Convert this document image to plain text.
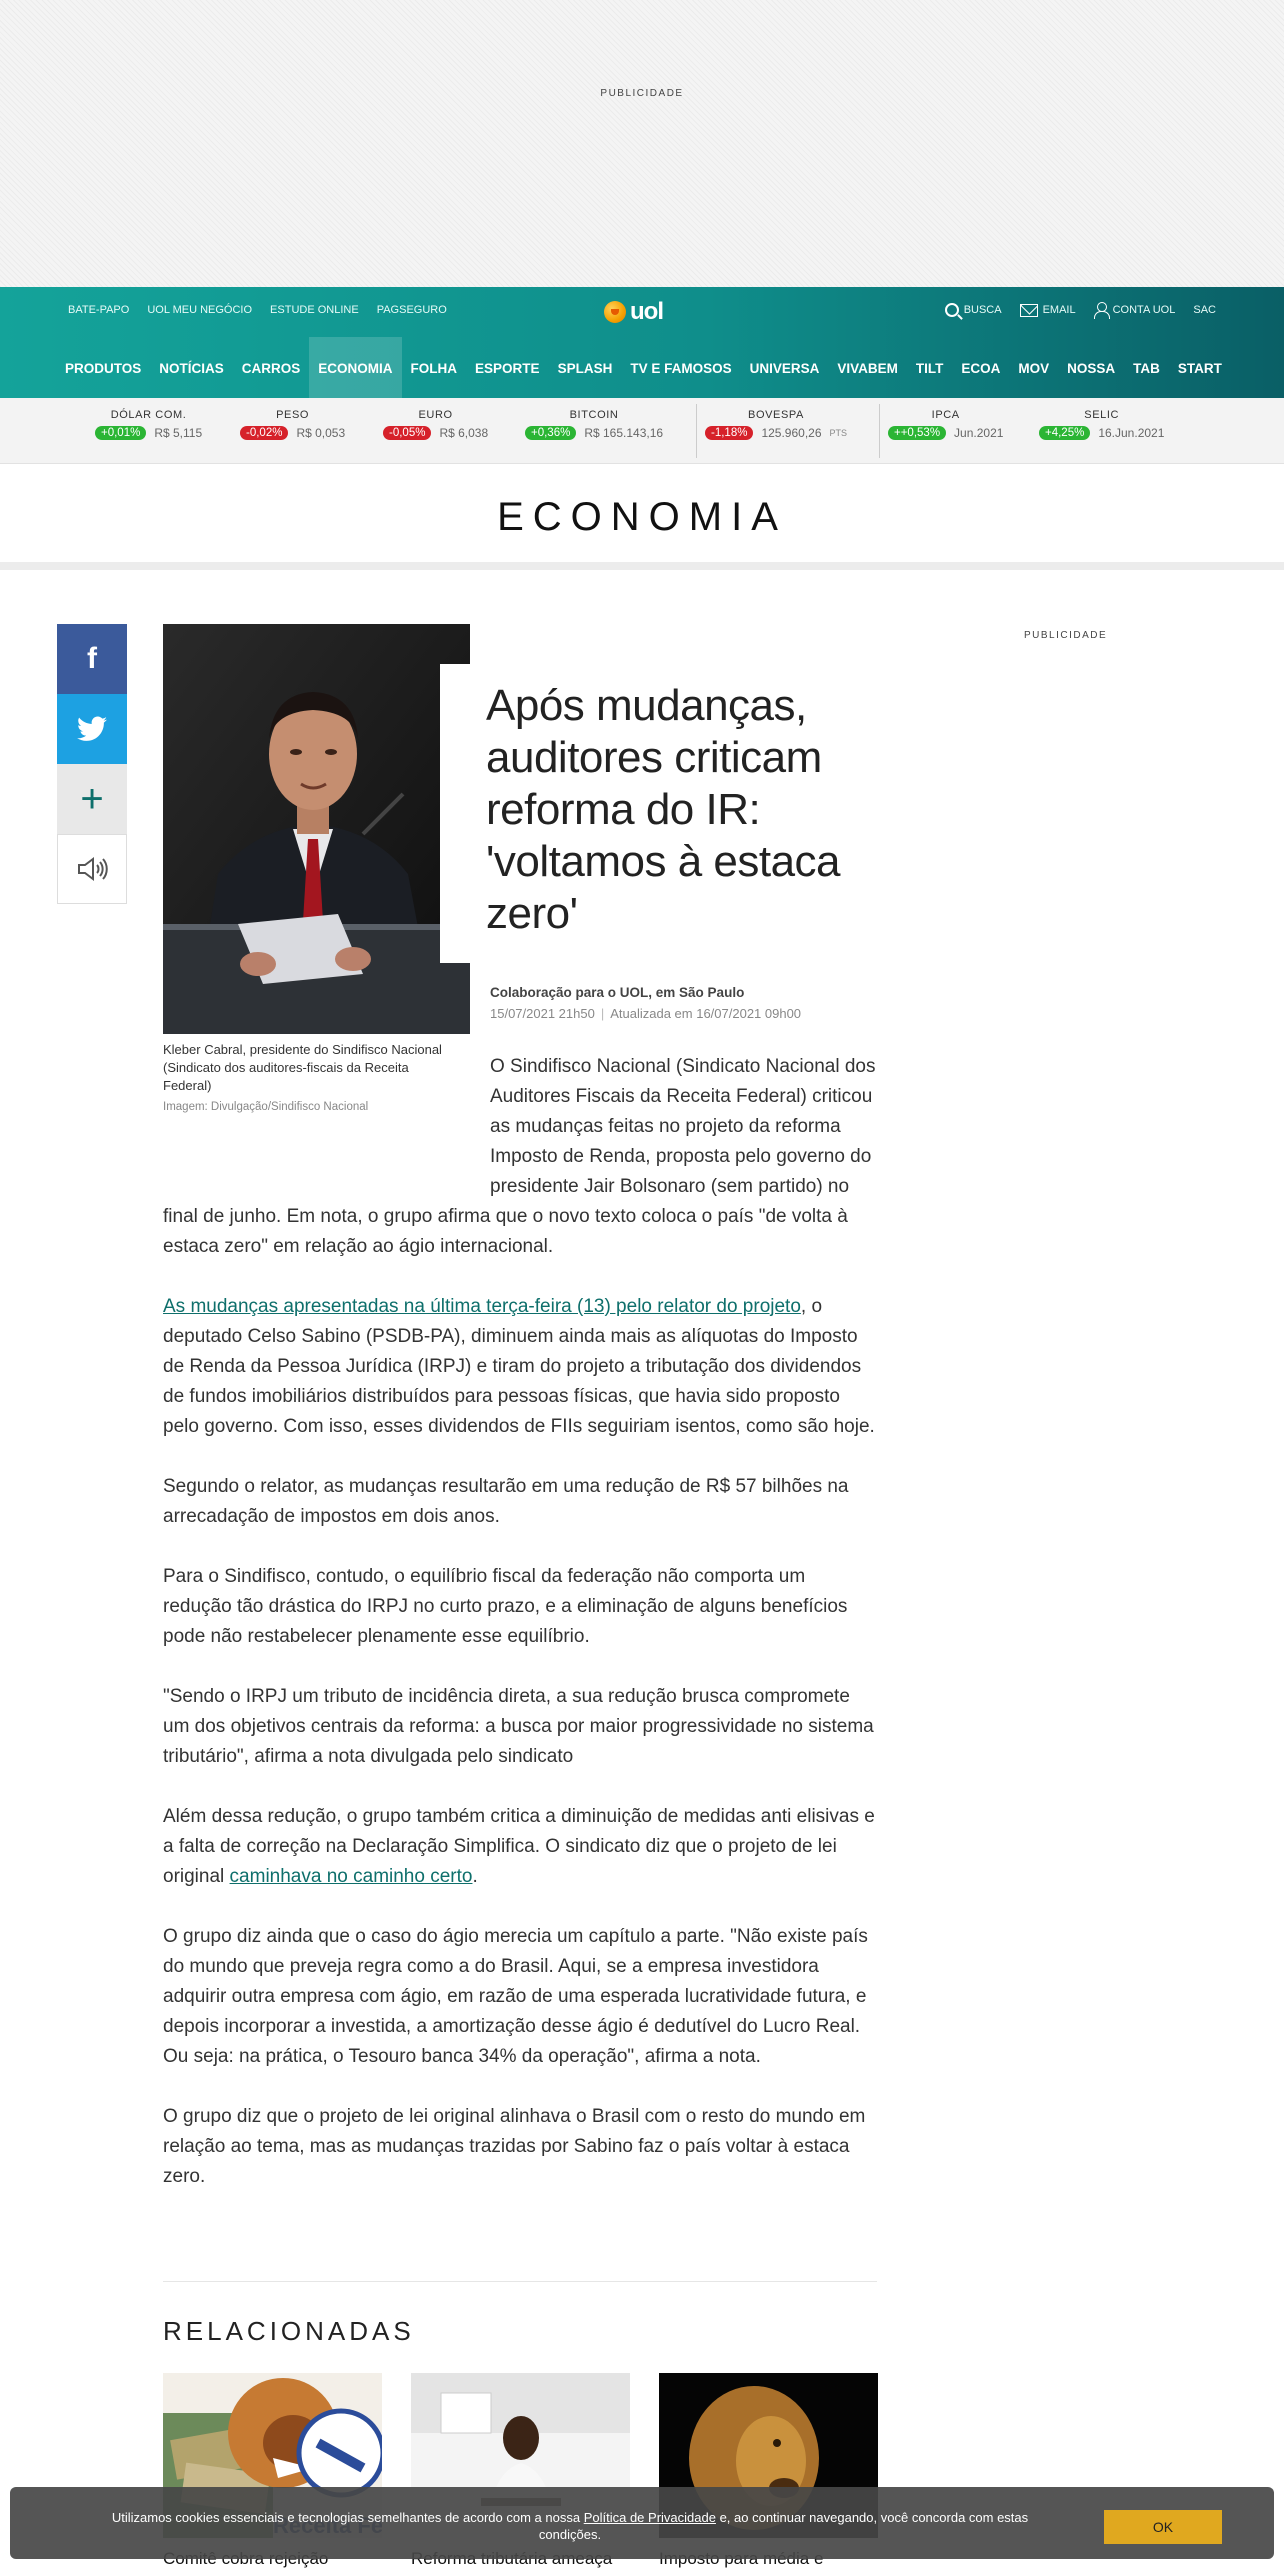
PUBLICIDADE
BATE-PAPO UOL MEU NEGÓCIO ESTUDE ONLINE PAGSEGURO	uol	BUSCA	EMAIL	CONTA UOL SAC
PRODUTOS	NOTÍCIAS	CARROS	ECONOMIA	FOLHA	ESPORTE	SPLASH	TV E FAMOSOS	UNIVERSA	VIVABEM	TILT	ECOA	MOV	NOSSA	TAB	START
DÓLAR COM.
+0,01%	R$ 5,115
PESO
-0,02%	R$ 0,053
EURO
-0,05%	R$ 6,038
BITCOIN
+0,36%	R$ 165.143,16
BOVESPA
-1,18%	125.960,26 PTS
IPCA
++0,53%	Jun.2021
SELIC
+4,25%	16.Jun.2021
ECONOMIA
f
+
Kleber Cabral, presidente do Sindifisco Nacional (Sindicato dos auditores-fiscais da Receita Federal)
Imagem: Divulgação/Sindifisco Nacional
Após mudanças, auditores criticam reforma do IR: 'voltamos à estaca zero'
Colaboração para o UOL, em São Paulo
15/07/2021 21h50 | Atualizada em 16/07/2021 09h00
PUBLICIDADE

O Sindifisco Nacional (Sindicato Nacional dos Auditores Fiscais da Receita Federal) criticou as mudanças feitas no projeto da reforma Imposto de Renda, proposta pelo governo do presidente Jair Bolsonaro (sem partido) no final de junho. Em nota, o grupo afirma que o novo texto coloca o país "de volta à estaca zero" em relação ao ágio internacional.

As mudanças apresentadas na última terça-feira (13) pelo relator do projeto, o deputado Celso Sabino (PSDB-PA), diminuem ainda mais as alíquotas do Imposto de Renda da Pessoa Jurídica (IRPJ) e tiram do projeto a tributação dos dividendos de fundos imobiliários distribuídos para pessoas físicas, que havia sido proposto pelo governo. Com isso, esses dividendos de FIIs seguiriam isentos, como são hoje.

Segundo o relator, as mudanças resultarão em uma redução de R$ 57 bilhões na arrecadação de impostos em dois anos.

Para o Sindifisco, contudo, o equilíbrio fiscal da federação não comporta um redução tão drástica do IRPJ no curto prazo, e a eliminação de alguns benefícios pode não restabelecer plenamente esse equilíbrio.

"Sendo o IRPJ um tributo de incidência direta, a sua redução brusca compromete um dos objetivos centrais da reforma: a busca por maior progressividade no sistema tributário", afirma a nota divulgada pelo sindicato

Além dessa redução, o grupo também critica a diminuição de medidas anti elisivas e a falta de correção na Declaração Simplifica. O sindicato diz que o projeto de lei original caminhava no caminho certo.

O grupo diz ainda que o caso do ágio merecia um capítulo a parte. "Não existe país do mundo que preveja regra como a do Brasil. Aqui, se a empresa investidora adquirir outra empresa com ágio, em razão de uma esperada lucratividade futura, e depois incorporar a investida, a amortização desse ágio é dedutível do Lucro Real. Ou seja: na prática, o Tesouro banca 34% da operação", afirma a nota.

O grupo diz que o projeto de lei original alinhava o Brasil com o resto do mundo em relação ao tema, mas as mudanças trazidas por Sabino faz o país voltar à estaca zero.

RELACIONADAS
Utilizamos cookies essenciais e tecnologias semelhantes de acordo com a nossa Política de Privacidade e, ao continuar navegando, você concorda com estas condições.	OK
